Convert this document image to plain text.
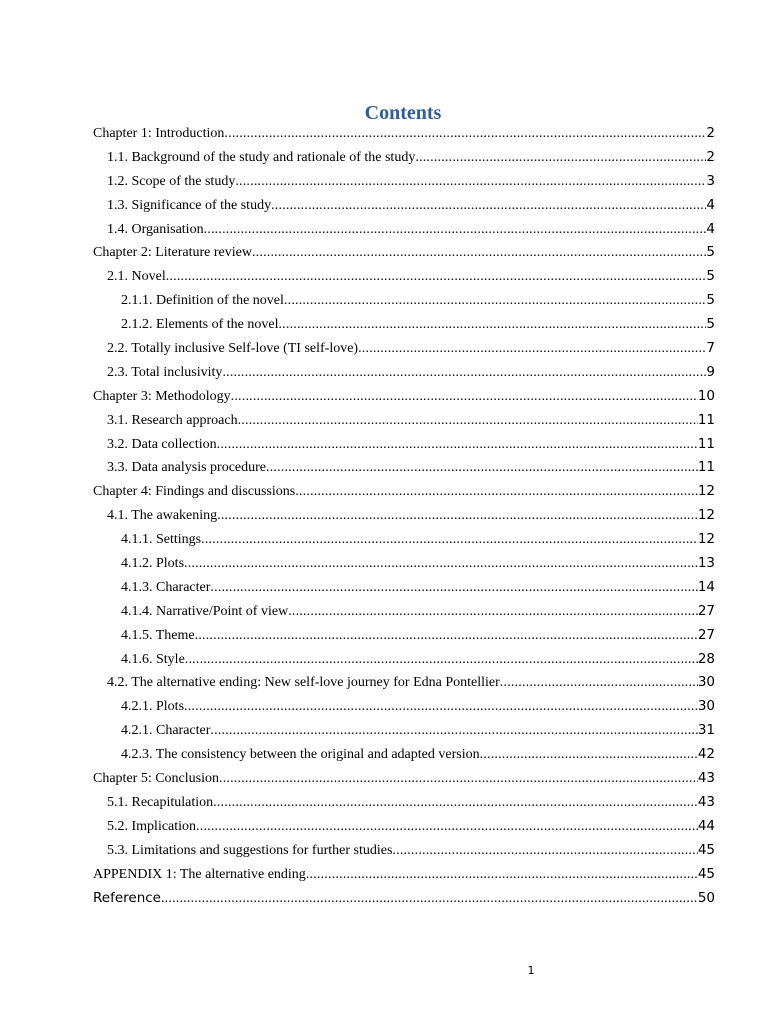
Contents
Chapter 1: Introduction .....	2
1.1. Background of the study and rationale of the study .....	2
1.2. Scope of the study .....	3
1.3. Significance of the study .....	4
1.4. Organisation .....	4
Chapter 2: Literature review .....	5
2.1. Novel .....	5
2.1.1. Definition of the novel .....	5
2.1.2. Elements of the novel .....	5
2.2. Totally inclusive Self-love (TI self-love) .....	7
2.3. Total inclusivity .....	9
Chapter 3: Methodology .....	10
3.1. Research approach .....	11
3.2. Data collection .....	11
3.3. Data analysis procedure .....	11
Chapter 4: Findings and discussions .....	12
4.1. The awakening .....	12
4.1.1. Settings .....	12
4.1.2. Plots .....	13
4.1.3. Character .....	14
4.1.4. Narrative/Point of view .....	27
4.1.5. Theme .....	27
4.1.6. Style .....	28
4.2. The alternative ending: New self-love journey for Edna Pontellier .....	30
4.2.1. Plots .....	30
4.2.1. Character .....	31
4.2.3. The consistency between the original and adapted version .....	42
Chapter 5: Conclusion .....	43
5.1. Recapitulation .....	43
5.2. Implication .....	44
5.3. Limitations and suggestions for further studies .....	45
APPENDIX 1: The alternative ending .....	45
Reference .....	50
1
